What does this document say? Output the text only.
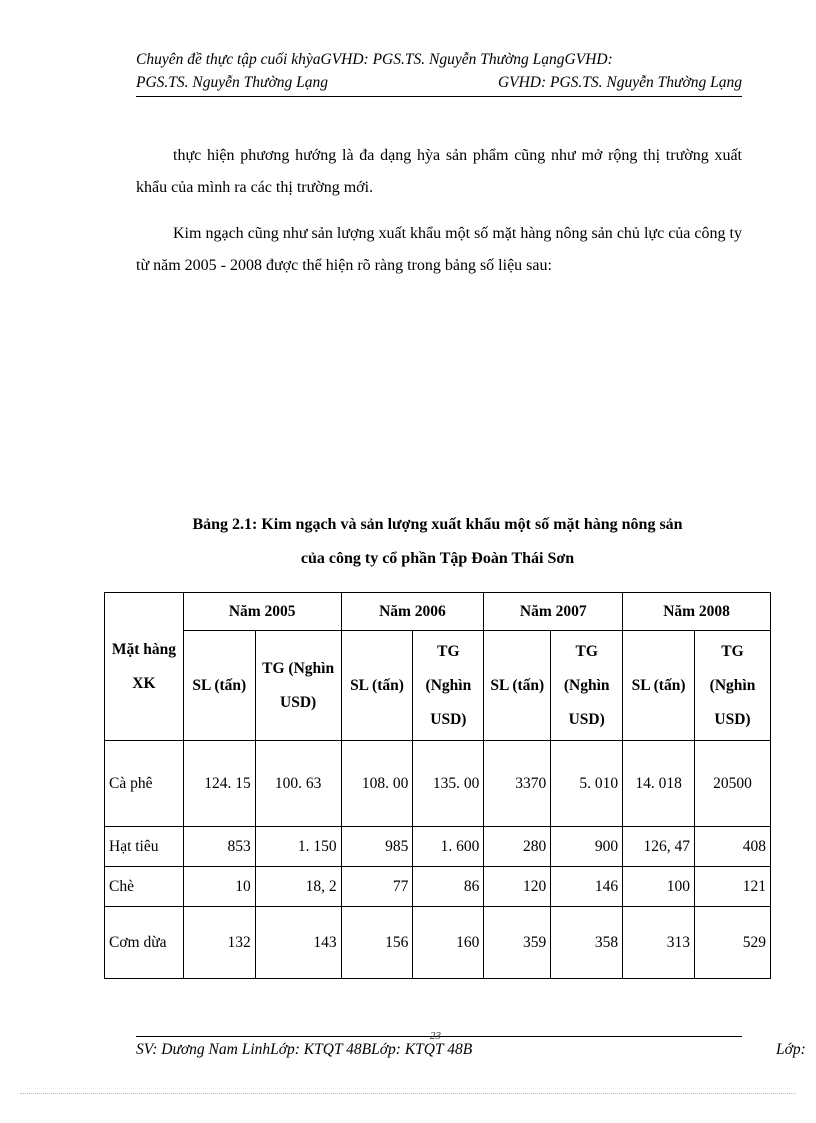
Chuyên đề thực tập cuối khỳaGVHD: PGS.TS. Nguyễn Thường LạngGVHD:
PGS.TS. Nguyễn Thường Lạng	GVHD: PGS.TS. Nguyễn Thường Lạng

thực hiện phương hướng là đa dạng hỳa sản phẩm cũng như mở rộng thị trường xuất khẩu của mình ra các thị trường mới.

Kim ngạch cũng như sản lượng xuất khẩu một số mặt hàng nông sản chủ lực của công ty từ năm 2005 - 2008 được thể hiện rõ ràng trong bảng số liệu sau:

Bảng 2.1: Kim ngạch và sản lượng xuất khẩu một số mặt hàng nông sản
của công ty cổ phần Tập Đoàn Thái Sơn
Mặt hàng XK	Năm 2005		Năm 2006		Năm 2007		Năm 2008	
	SL (tấn)	TG (Nghìn USD)	SL (tấn)	TG (Nghìn USD)	SL (tấn)	TG (Nghìn USD)	SL (tấn)	TG (Nghìn USD)
Cà phê	124. 15	100. 63	108. 00	135. 00	3370	5. 010	14. 018	20500
Hạt tiêu	853	1. 150	985	1. 600	280	900	126, 47	408
Chè	10	18, 2	77	86	120	146	100	121
Cơm dừa	132	143	156	160	359	358	313	529
SV: Dương Nam LinhLớp: KTQT 48BLớp: KTQT 48B
23
Lớp:
